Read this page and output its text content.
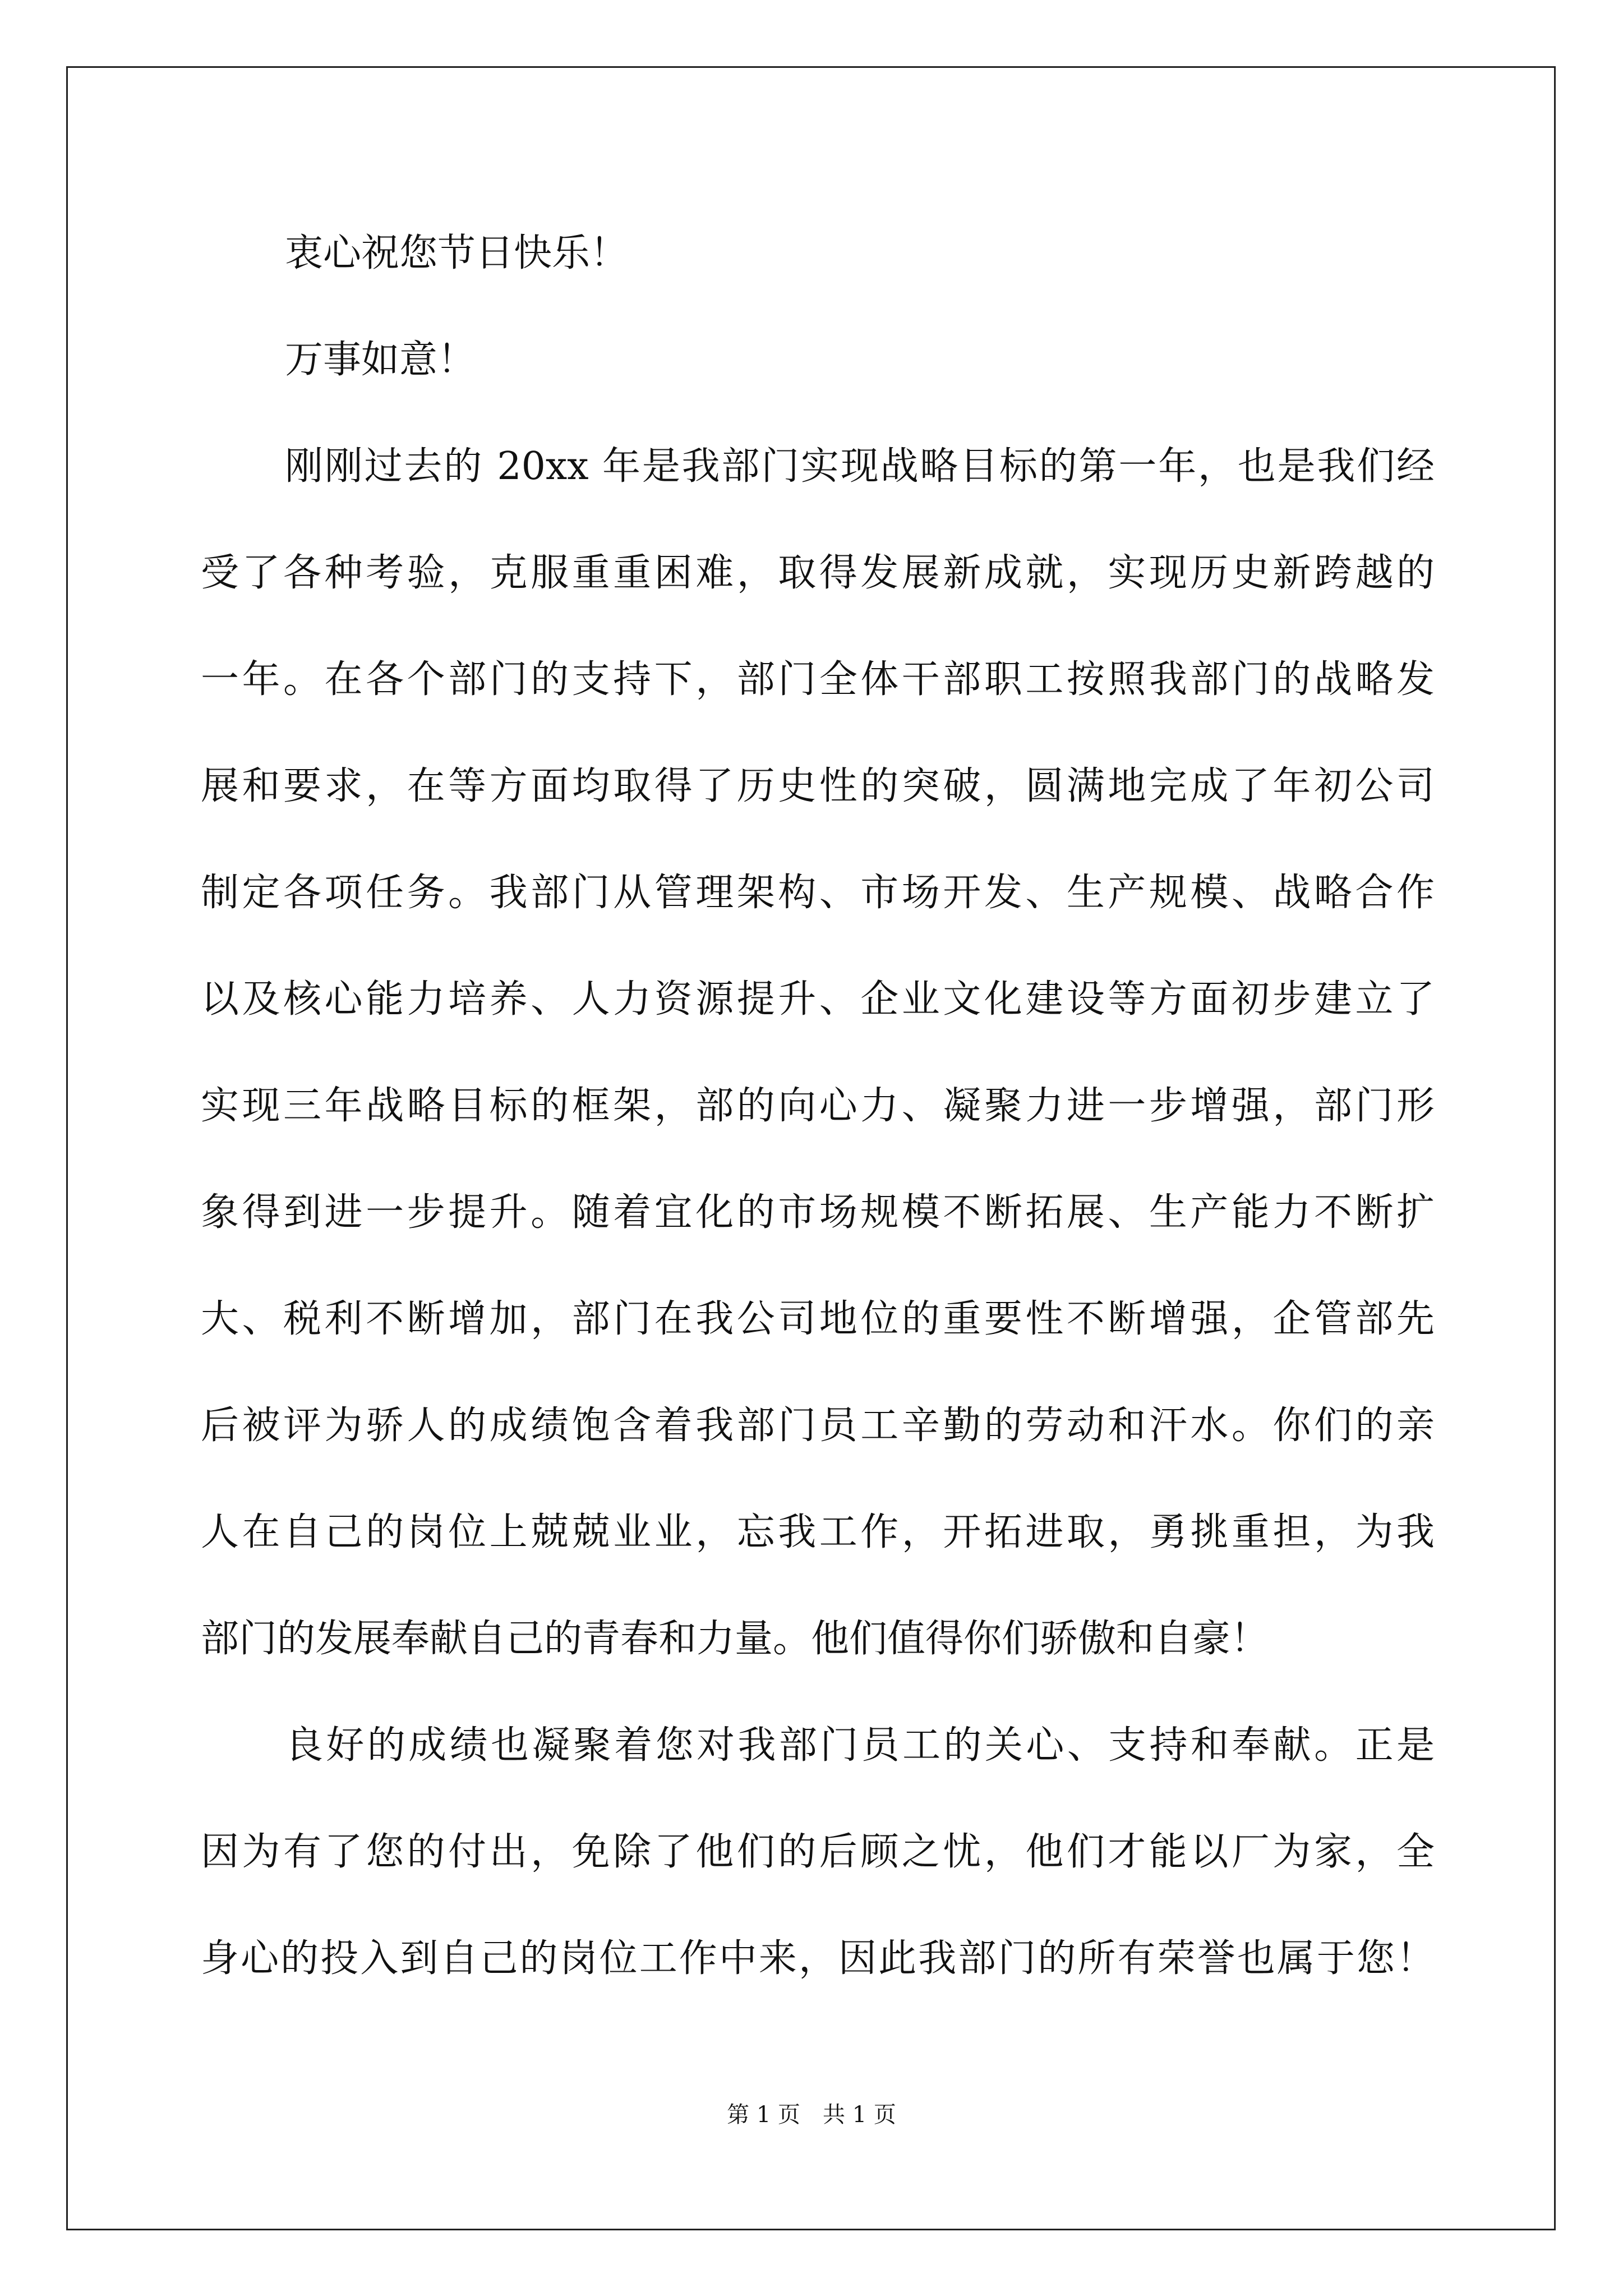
衷心祝您节日快乐！
万事如意！
刚刚过去的 20xx 年是我部门实现战略目标的第一年，也是我们经
受了各种考验，克服重重困难，取得发展新成就，实现历史新跨越的
一年。在各个部门的支持下，部门全体干部职工按照我部门的战略发
展和要求，在等方面均取得了历史性的突破，圆满地完成了年初公司
制定各项任务。我部门从管理架构、市场开发、生产规模、战略合作
以及核心能力培养、人力资源提升、企业文化建设等方面初步建立了
实现三年战略目标的框架，部的向心力、凝聚力进一步增强，部门形
象得到进一步提升。随着宜化的市场规模不断拓展、生产能力不断扩
大、税利不断增加，部门在我公司地位的重要性不断增强，企管部先
后被评为骄人的成绩饱含着我部门员工辛勤的劳动和汗水。你们的亲
人在自己的岗位上兢兢业业，忘我工作，开拓进取，勇挑重担，为我
部门的发展奉献自己的青春和力量。他们值得你们骄傲和自豪！
良好的成绩也凝聚着您对我部门员工的关心、支持和奉献。正是
因为有了您的付出，免除了他们的后顾之忧，他们才能以厂为家，全
身心的投入到自己的岗位工作中来，因此我部门的所有荣誉也属于您！
第 1 页 共 1 页
